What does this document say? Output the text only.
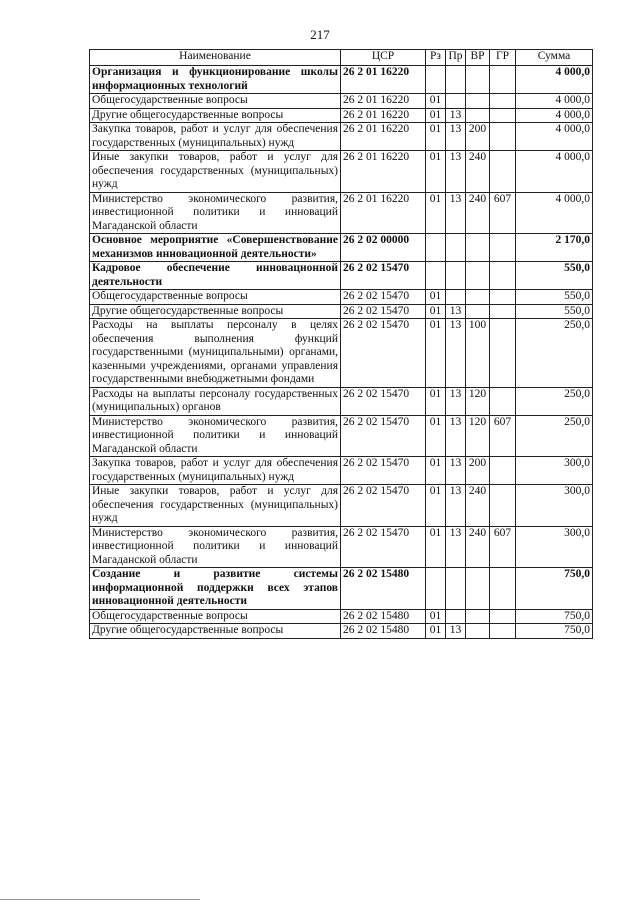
217
Наименование	ЦСР	Рз	Пр	ВР	ГР	Сумма
Организация и функционирование школы информационных технологий	26 2 01 16220					4 000,0
Общегосударственные вопросы	26 2 01 16220	01				4 000,0
Другие общегосударственные вопросы	26 2 01 16220	01	13			4 000,0
Закупка товаров, работ и услуг для обеспечения государственных (муниципальных) нужд	26 2 01 16220	01	13	200		4 000,0
Иные закупки товаров, работ и услуг для обеспечения государственных (муниципальных) нужд	26 2 01 16220	01	13	240		4 000,0
Министерство экономического развития, инвестиционной политики и инноваций Магаданской области	26 2 01 16220	01	13	240	607	4 000,0
Основное мероприятие «Совершенствование механизмов инновационной деятельности»	26 2 02 00000					2 170,0
Кадровое обеспечение инновационной деятельности	26 2 02 15470					550,0
Общегосударственные вопросы	26 2 02 15470	01				550,0
Другие общегосударственные вопросы	26 2 02 15470	01	13			550,0
Расходы на выплаты персоналу в целях обеспечения выполнения функций государственными (муниципальными) органами, казенными учреждениями, органами управления государственными внебюджетными фондами	26 2 02 15470	01	13	100		250,0
Расходы на выплаты персоналу государственных (муниципальных) органов	26 2 02 15470	01	13	120		250,0
Министерство экономического развития, инвестиционной политики и инноваций Магаданской области	26 2 02 15470	01	13	120	607	250,0
Закупка товаров, работ и услуг для обеспечения государственных (муниципальных) нужд	26 2 02 15470	01	13	200		300,0
Иные закупки товаров, работ и услуг для обеспечения государственных (муниципальных) нужд	26 2 02 15470	01	13	240		300,0
Министерство экономического развития, инвестиционной политики и инноваций Магаданской области	26 2 02 15470	01	13	240	607	300,0
Создание и развитие системы информационной поддержки всех этапов инновационной деятельности	26 2 02 15480					750,0
Общегосударственные вопросы	26 2 02 15480	01				750,0
Другие общегосударственные вопросы	26 2 02 15480	01	13			750,0
